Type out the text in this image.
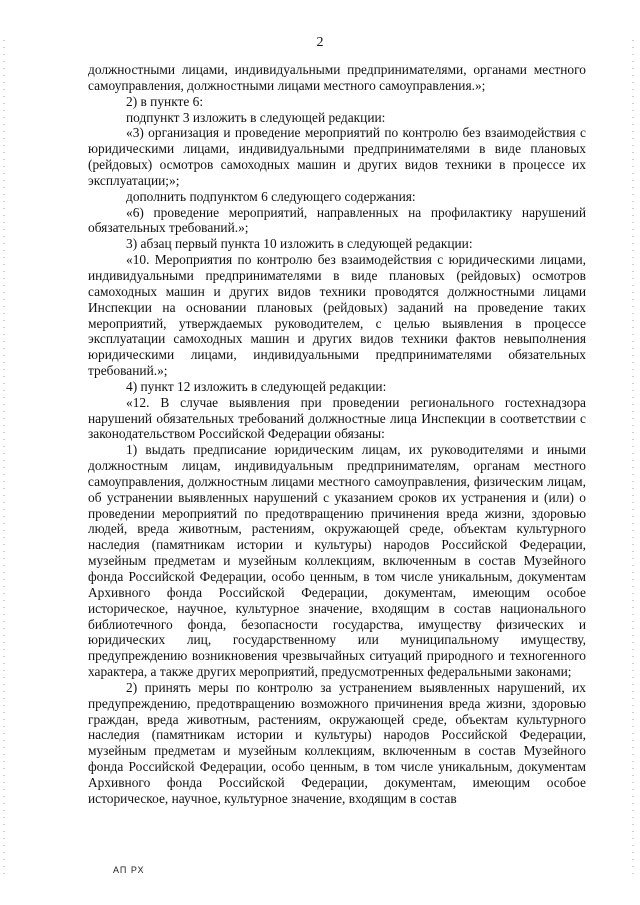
2

должностными лицами, индивидуальными предпринимателями, органами местного самоуправления, должностными лицами местного самоуправления.»;

2) в пункте 6:

подпункт 3 изложить в следующей редакции:

«3) организация и проведение мероприятий по контролю без взаимодействия с юридическими лицами, индивидуальными предпринимателями в виде плановых (рейдовых) осмотров самоходных машин и других видов техники в процессе их эксплуатации;»;

дополнить подпунктом 6 следующего содержания:

«6) проведение мероприятий, направленных на профилактику нарушений обязательных требований.»;

3) абзац первый пункта 10 изложить в следующей редакции:

«10. Мероприятия по контролю без взаимодействия с юридическими лицами, индивидуальными предпринимателями в виде плановых (рейдовых) осмотров самоходных машин и других видов техники проводятся должностными лицами Инспекции на основании плановых (рейдовых) заданий на проведение таких мероприятий, утверждаемых руководителем, с целью выявления в процессе эксплуатации самоходных машин и других видов техники фактов невыполнения юридическими лицами, индивидуальными предпринимателями обязательных требований.»;

4) пункт 12 изложить в следующей редакции:

«12. В случае выявления при проведении регионального гостехнадзора нарушений обязательных требований должностные лица Инспекции в соответствии с законодательством Российской Федерации обязаны:

1) выдать предписание юридическим лицам, их руководителями и иными должностным лицам, индивидуальным предпринимателям, органам местного самоуправления, должностным лицами местного самоуправления, физическим лицам, об устранении выявленных нарушений с указанием сроков их устранения и (или) о проведении мероприятий по предотвращению причинения вреда жизни, здоровью людей, вреда животным, растениям, окружающей среде, объектам культурного наследия (памятникам истории и культуры) народов Российской Федерации, музейным предметам и музейным коллекциям, включенным в состав Музейного фонда Российской Федерации, особо ценным, в том числе уникальным, документам Архивного фонда Российской Федерации, документам, имеющим особое историческое, научное, культурное значение, входящим в состав национального библиотечного фонда, безопасности государства, имуществу физических и юридических лиц, государственному или муниципальному имуществу, предупреждению возникновения чрезвычайных ситуаций природного и техногенного характера, а также других мероприятий, предусмотренных федеральными законами;

2) принять меры по контролю за устранением выявленных нарушений, их предупреждению, предотвращению возможного причинения вреда жизни, здоровью граждан, вреда животным, растениям, окружающей среде, объектам культурного наследия (памятникам истории и культуры) народов Российской Федерации, музейным предметам и музейным коллекциям, включенным в состав Музейного фонда Российской Федерации, особо ценным, в том числе уникальным, документам Архивного фонда Российской Федерации, документам, имеющим особое историческое, научное, культурное значение, входящим в состав

АП РХ
